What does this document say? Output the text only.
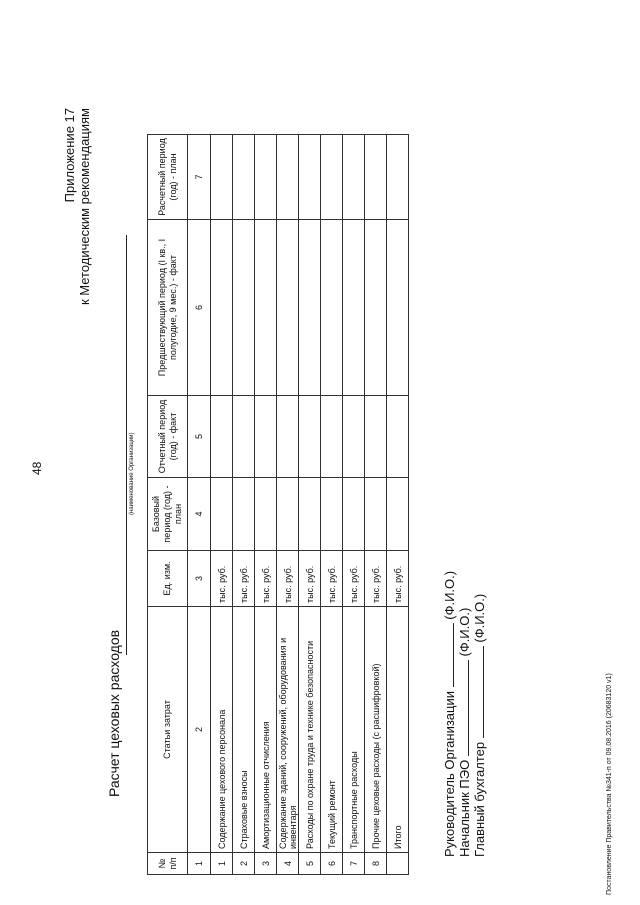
48
Приложение 17 к Методическим рекомендациям
Расчет цеховых расходов
(наименование Организации)
№ п/п	Статьи затрат	Ед. изм.	Базовый период (год) - план	Отчетный период (год) - факт	Предшествующий период (I кв., I полугодие, 9 мес.) - факт	Расчетный период (год) - план
1	2	3	4	5	6	7
1	Содержание цехового персонала	тыс. руб.				
2	Страховые взносы	тыс. руб.				
3	Амортизационные отчисления	тыс. руб.				
4	Содержание зданий, сооружений, оборудования и инвентаря	тыс. руб.				
5	Расходы по охране труда и технике безопасности	тыс. руб.				
6	Текущий ремонт	тыс. руб.				
7	Транспортные расходы	тыс. руб.				
8	Прочие цеховые расходы (с расшифровкой)	тыс. руб.				
	Итого	тыс. руб.				
Руководитель Организации  (Ф.И.О.)
Начальник ПЭО  (Ф.И.О.)
Главный бухгалтер  (Ф.И.О.)
Постановление Правительства №341-п от 09.08.2016 (20683120 v1)
